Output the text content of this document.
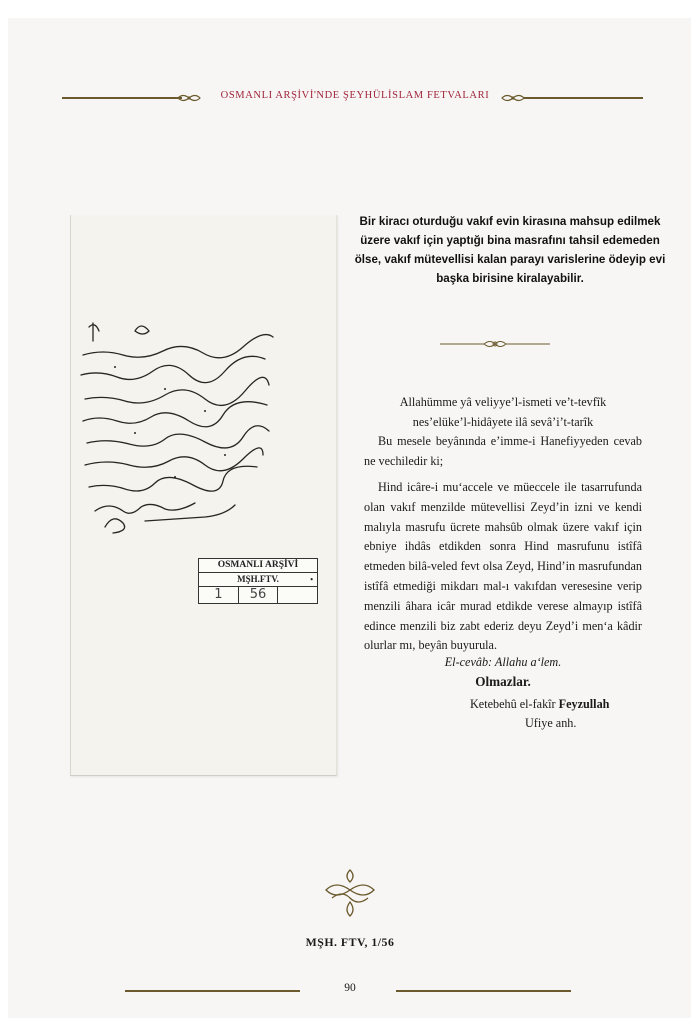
OSMANLI ARŞİVİ'NDE ŞEYHÜLİSLAM FETVALARI
OSMANLI ARŞİVİ
MŞH.FTV.
1	56
•
Bir kiracı oturduğu vakıf evin kirasına mahsup edilmek üzere vakıf için yaptığı bina masrafını tahsil edemeden ölse, vakıf mütevellisi kalan parayı varislerine ödeyip evi başka birisine kiralayabilir.
Allahümme yâ veliyye’l-ismeti ve’t-tevfîk
nes’elüke’l-hidâyete ilâ sevâ’i’t-tarîk
Bu mesele beyânında e’imme-i Hanefiyyeden cevab ne vechiledir ki;
Hind icâre-i mu‘accele ve müeccele ile tasarrufunda olan vakıf menzilde mütevellisi Zeyd’in izni ve kendi malıyla masrufu ücrete mahsûb olmak üzere vakıf için ebniye ihdâs etdikden sonra Hind masrufunu istîfâ etmeden bilâ-veled fevt olsa Zeyd, Hind’in masrufundan istîfâ etmediği mikdarı mal-ı vakıfdan veresesine verip menzili âhara icâr murad etdikde verese almayıp istîfâ edince menzili biz zabt ederiz deyu Zeyd’i men‘a kâdir olurlar mı, beyân buyurula.
El-cevâb: Allahu a‘lem.
Olmazlar.
Ketebehû el-fakîr Feyzullah
Ufiye anh.
MŞH. FTV, 1/56
90
